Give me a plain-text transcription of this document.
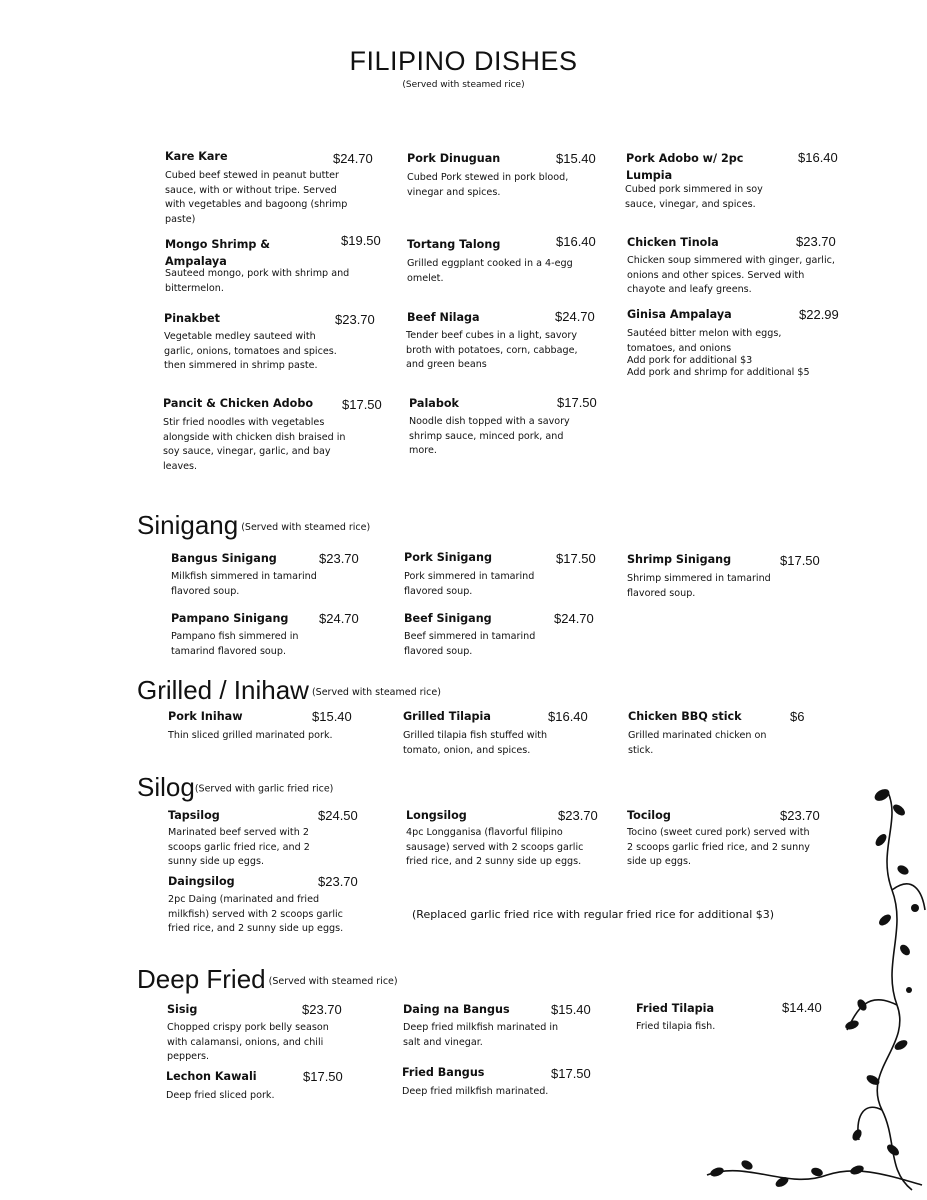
FILIPINO DISHES
(Served with steamed rice)
Kare Kare	$24.70
Cubed beef stewed in peanut butter sauce, with or without tripe. Served with vegetables and bagoong (shrimp paste)
Pork Dinuguan	$15.40
Cubed Pork stewed in pork blood, vinegar and spices.
Pork Adobo w/ 2pc Lumpia
$16.40
Cubed pork simmered in soy sauce, vinegar, and spices.
Mongo Shrimp & Ampalaya
$19.50
Sauteed mongo, pork with shrimp and bittermelon.
Tortang Talong	$16.40
Grilled eggplant cooked in a 4-egg omelet.
Chicken Tinola	$23.70
Chicken soup simmered with ginger, garlic, onions and other spices. Served with chayote and leafy greens.
Pinakbet	$23.70
Vegetable medley sauteed with garlic, onions, tomatoes and spices. then simmered in shrimp paste.
Beef Nilaga	$24.70
Tender beef cubes in a light, savory broth with potatoes, corn, cabbage, and green beans
Ginisa Ampalaya	$22.99
Sautéed bitter melon with eggs, tomatoes, and onions
Add pork for additional $3
Add pork and shrimp for additional $5
Pancit & Chicken Adobo $17.50
Stir fried noodles with vegetables alongside with chicken dish braised in soy sauce, vinegar, garlic, and bay leaves.
Palabok	$17.50
Noodle dish topped with a savory shrimp sauce, minced pork, and more.
Sinigang (Served with steamed rice)
Bangus Sinigang	$23.70
Milkfish simmered in tamarind flavored soup.
Pork Sinigang	$17.50
Pork simmered in tamarind flavored soup.
Shrimp Sinigang	$17.50
Shrimp simmered in tamarind flavored soup.
Pampano Sinigang $24.70
Pampano fish simmered in tamarind flavored soup.
Beef Sinigang	$24.70
Beef simmered in tamarind flavored soup.
Grilled / Inihaw (Served with steamed rice)
Pork Inihaw	$15.40
Thin sliced grilled marinated pork.
Grilled Tilapia	$16.40
Grilled tilapia fish stuffed with tomato, onion, and spices.
Chicken BBQ stick	$6
Grilled marinated chicken on stick.
Silog(Served with garlic fried rice)
Tapsilog	$24.50
Marinated beef served with 2 scoops garlic fried rice, and 2 sunny side up eggs.
Longsilog	$23.70
4pc Longganisa (flavorful filipino sausage) served with 2 scoops garlic fried rice, and 2 sunny side up eggs.
Tocilog	$23.70
Tocino (sweet cured pork) served with 2 scoops garlic fried rice, and 2 sunny side up eggs.
Daingsilog	$23.70
2pc Daing (marinated and fried milkfish) served with 2 scoops garlic fried rice, and 2 sunny side up eggs.
(Replaced garlic fried rice with regular fried rice for additional $3)
Deep Fried (Served with steamed rice)
Sisig	$23.70
Chopped crispy pork belly season with calamansi, onions, and chili peppers.
Daing na Bangus	$15.40
Deep fried milkfish marinated in salt and vinegar.
Fried Tilapia	$14.40
Fried tilapia fish.
Lechon Kawali	$17.50
Deep fried sliced pork.
Fried Bangus	$17.50
Deep fried milkfish marinated.
